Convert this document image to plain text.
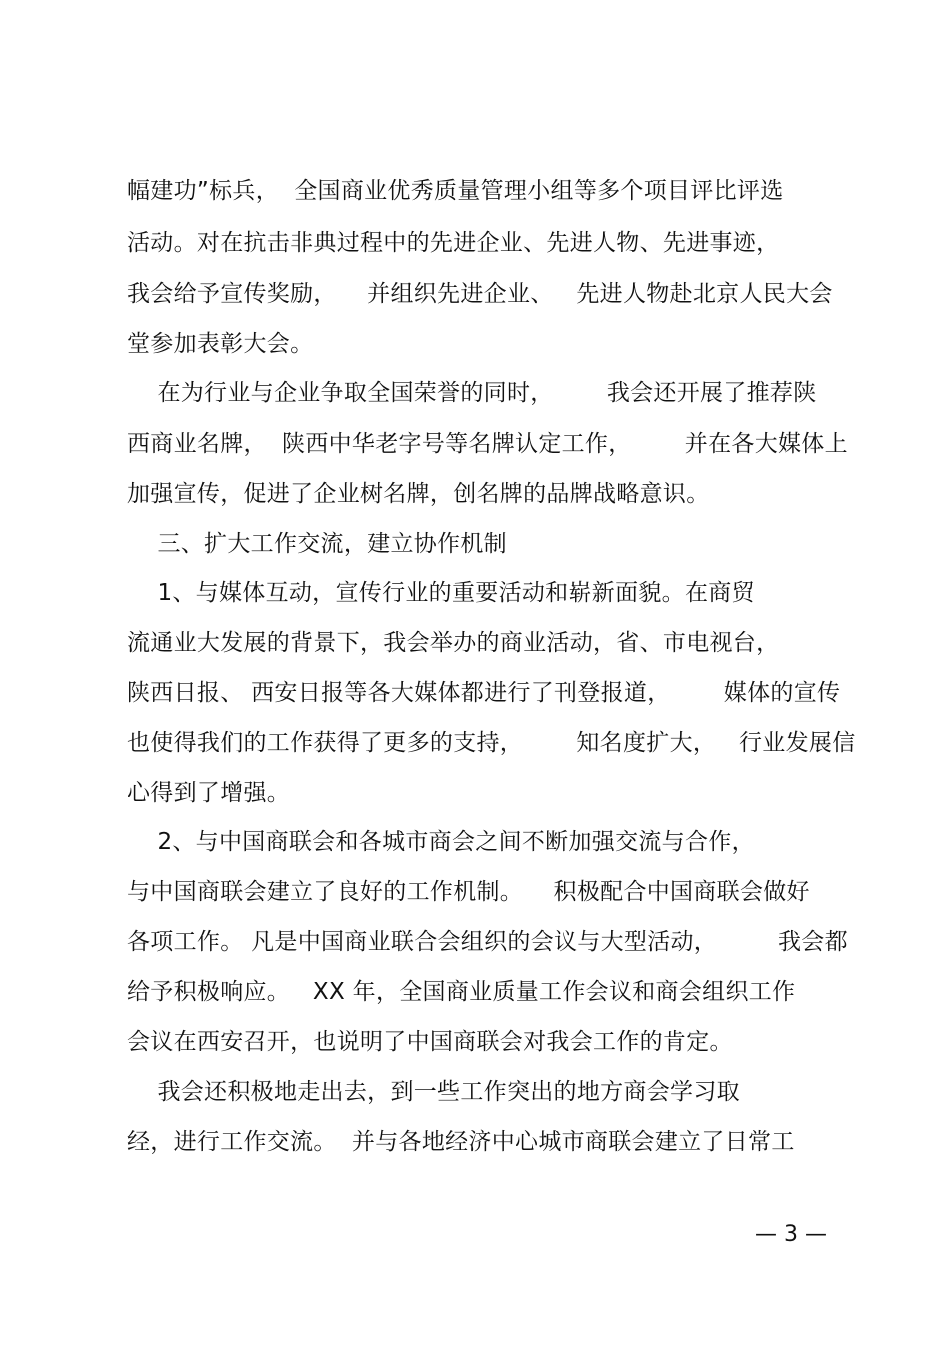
幅建功”标兵，  全国商业优秀质量管理小组等多个项目评比评选
活动。对在抗击非典过程中的先进企业、先进人物、先进事迹，
我会给予宣传奖励，    并组织先进企业、   先进人物赴北京人民大会
堂参加表彰大会。
在为行业与企业争取全国荣誉的同时，       我会还开展了推荐陕
西商业名牌，  陕西中华老字号等名牌认定工作，       并在各大媒体上
加强宣传，促进了企业树名牌，创名牌的品牌战略意识。
三、扩大工作交流，建立协作机制
1、与媒体互动，宣传行业的重要活动和崭新面貌。在商贸
流通业大发展的背景下，我会举办的商业活动，省、市电视台，
陕西日报、 西安日报等各大媒体都进行了刊登报道，       媒体的宣传
也使得我们的工作获得了更多的支持，       知名度扩大，   行业发展信
心得到了增强。
2、与中国商联会和各城市商会之间不断加强交流与合作，
与中国商联会建立了良好的工作机制。    积极配合中国商联会做好
各项工作。 凡是中国商业联合会组织的会议与大型活动，        我会都
给予积极响应。   XX 年，全国商业质量工作会议和商会组织工作
会议在西安召开，也说明了中国商联会对我会工作的肯定。
我会还积极地走出去，到一些工作突出的地方商会学习取
经，进行工作交流。  并与各地经济中心城市商联会建立了日常工
— 3 —
